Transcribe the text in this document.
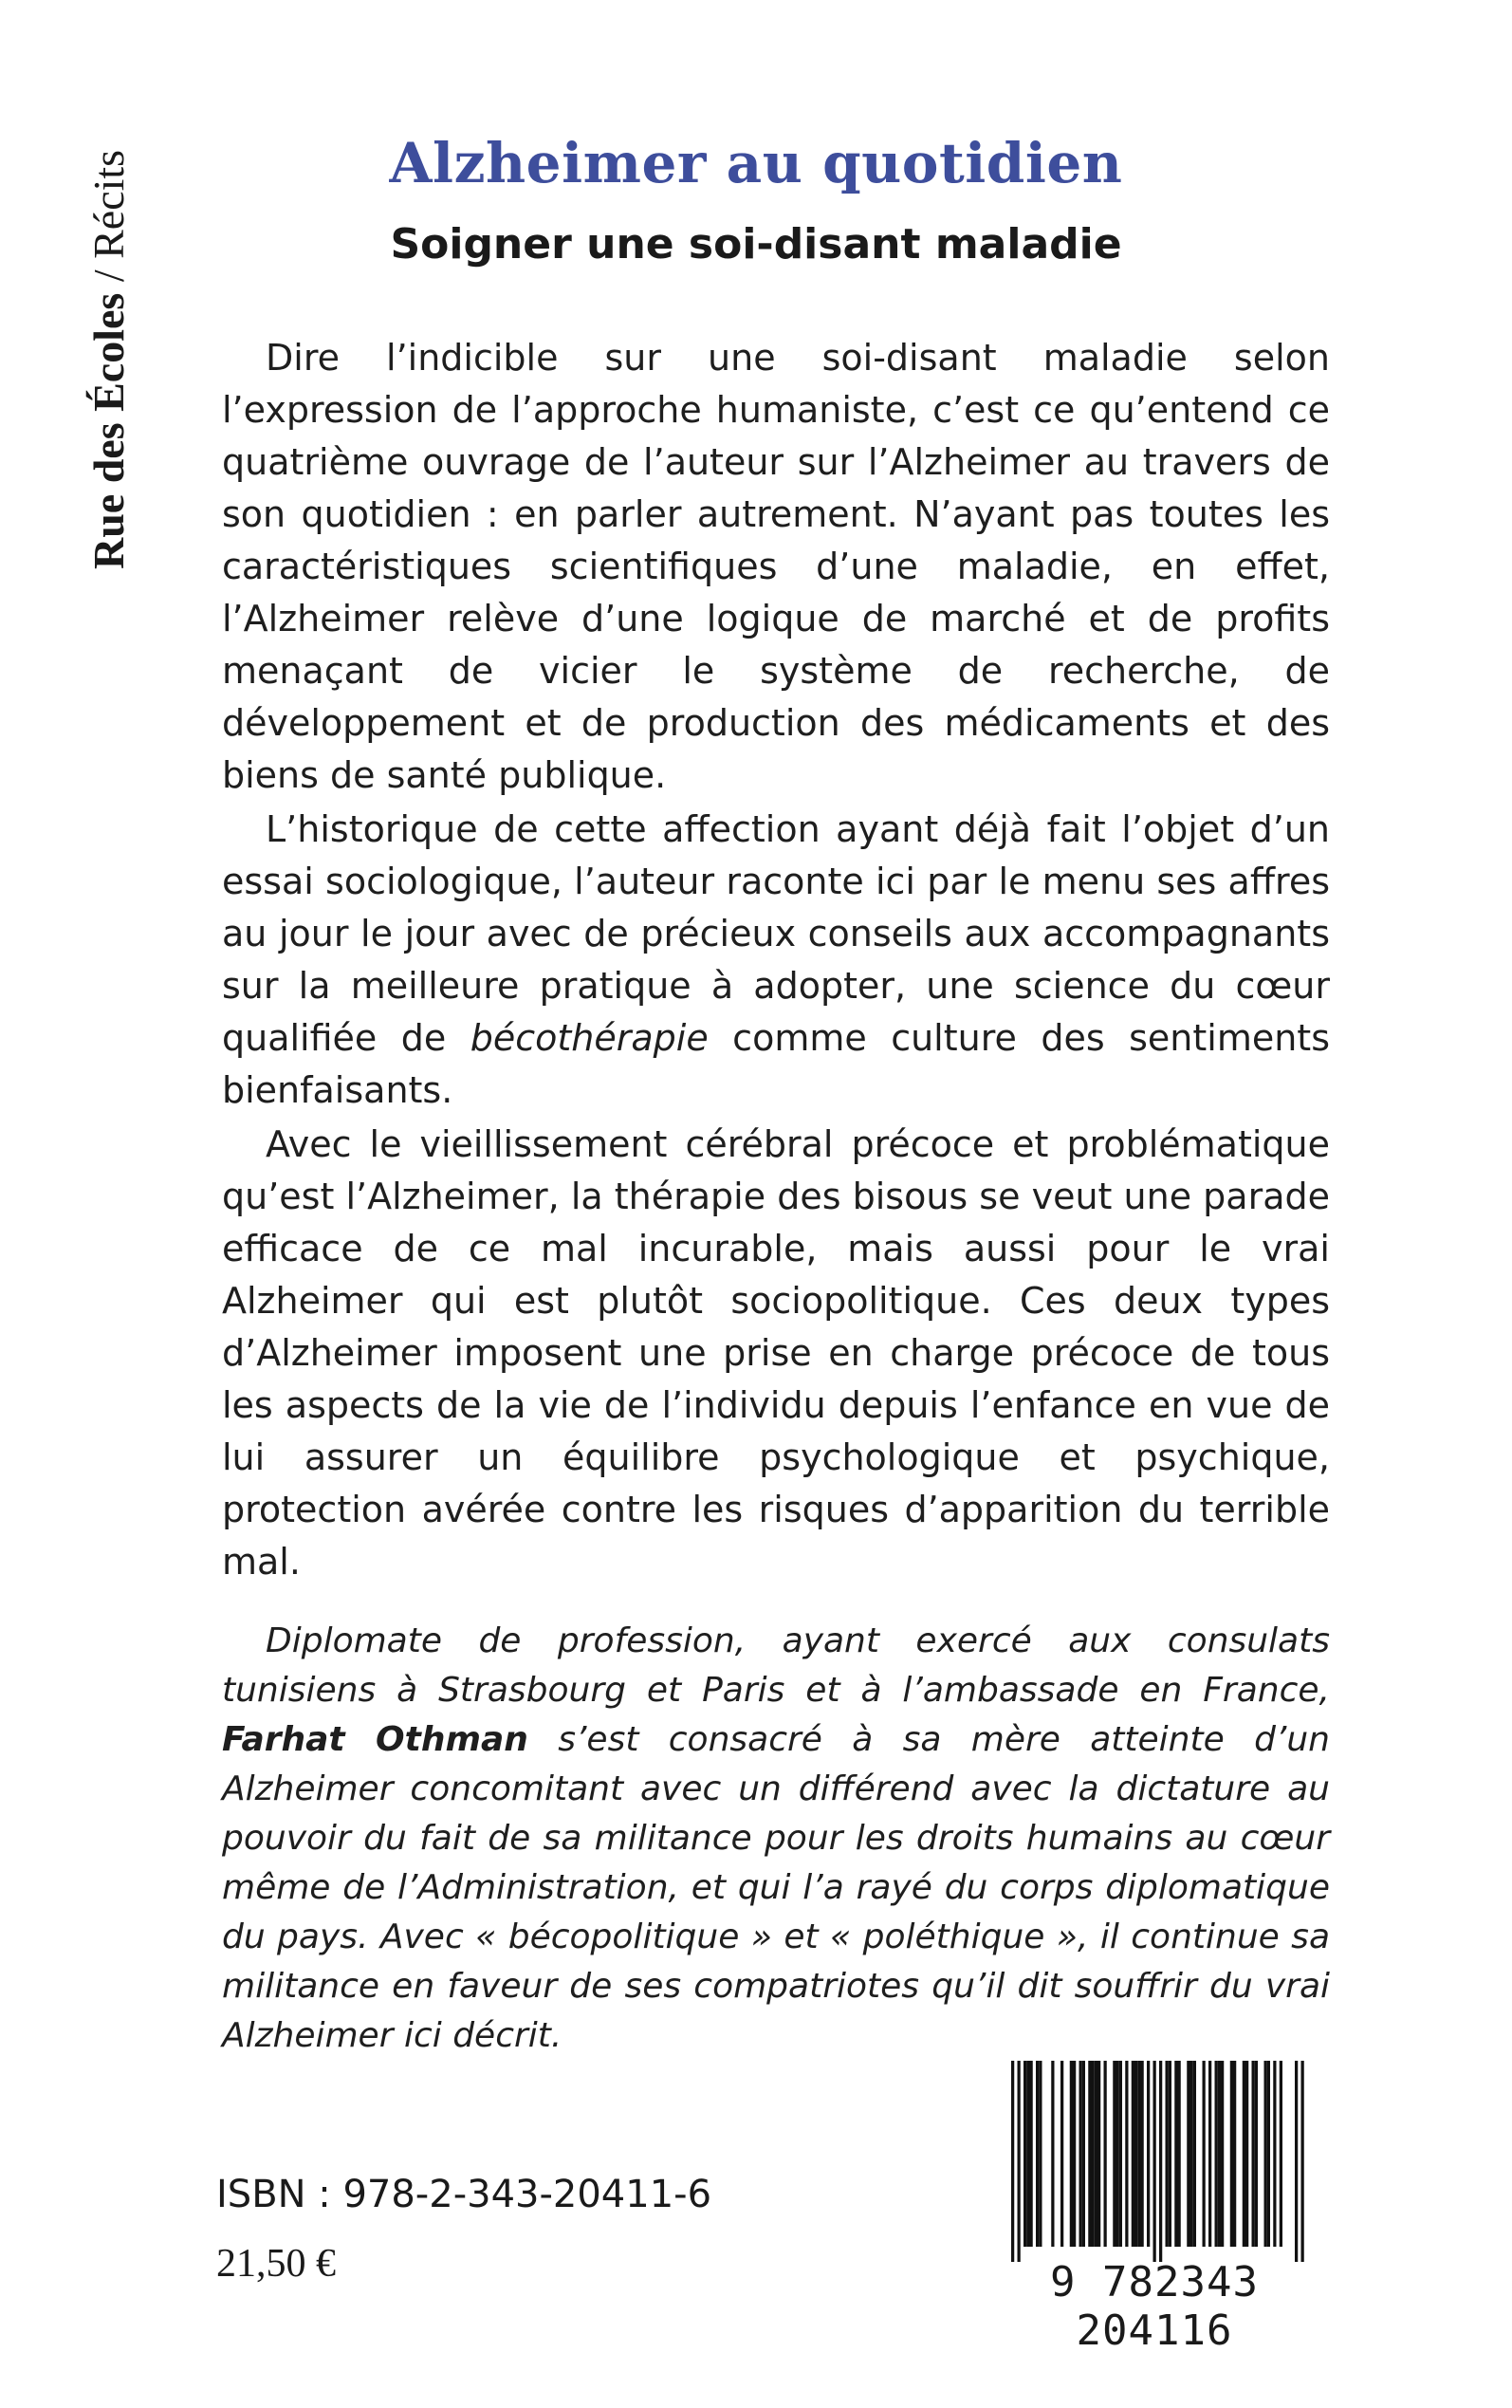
Rue des Écoles / Récits	Alzheimer au quotidien
Soigner une soi-disant maladie

Dire l’indicible sur une soi-disant maladie selon l’expression de l’approche humaniste, c’est ce qu’entend ce quatrième ouvrage de l’auteur sur l’Alzheimer au travers de son quotidien : en parler autrement. N’ayant pas toutes les caractéristiques scientifiques d’une maladie, en effet, l’Alzheimer relève d’une logique de marché et de profits menaçant de vicier le système de recherche, de développement et de production des médicaments et des biens de santé publique.

L’historique de cette affection ayant déjà fait l’objet d’un essai sociologique, l’auteur raconte ici par le menu ses affres au jour le jour avec de précieux conseils aux accompagnants sur la meilleure pratique à adopter, une science du cœur qualifiée de bécothérapie comme culture des sentiments bienfaisants.

Avec le vieillissement cérébral précoce et problématique qu’est l’Alzheimer, la thérapie des bisous se veut une parade efficace de ce mal incurable, mais aussi pour le vrai Alzheimer qui est plutôt sociopolitique. Ces deux types d’Alzheimer imposent une prise en charge précoce de tous les aspects de la vie de l’individu depuis l’enfance en vue de lui assurer un équilibre psychologique et psychique, protection avérée contre les risques d’apparition du terrible mal.

Diplomate de profession, ayant exercé aux consulats tunisiens à Strasbourg et Paris et à l’ambassade en France, Farhat Othman s’est consacré à sa mère atteinte d’un Alzheimer concomitant avec un différend avec la dictature au pouvoir du fait de sa militance pour les droits humains au cœur même de l’Administration, et qui l’a rayé du corps diplomatique du pays. Avec « bécopolitique » et « poléthique », il continue sa militance en faveur de ses compatriotes qu’il dit souffrir du vrai Alzheimer ici décrit.
ISBN : 978-2-343-20411-6
21,50 €	9 782343 204116
